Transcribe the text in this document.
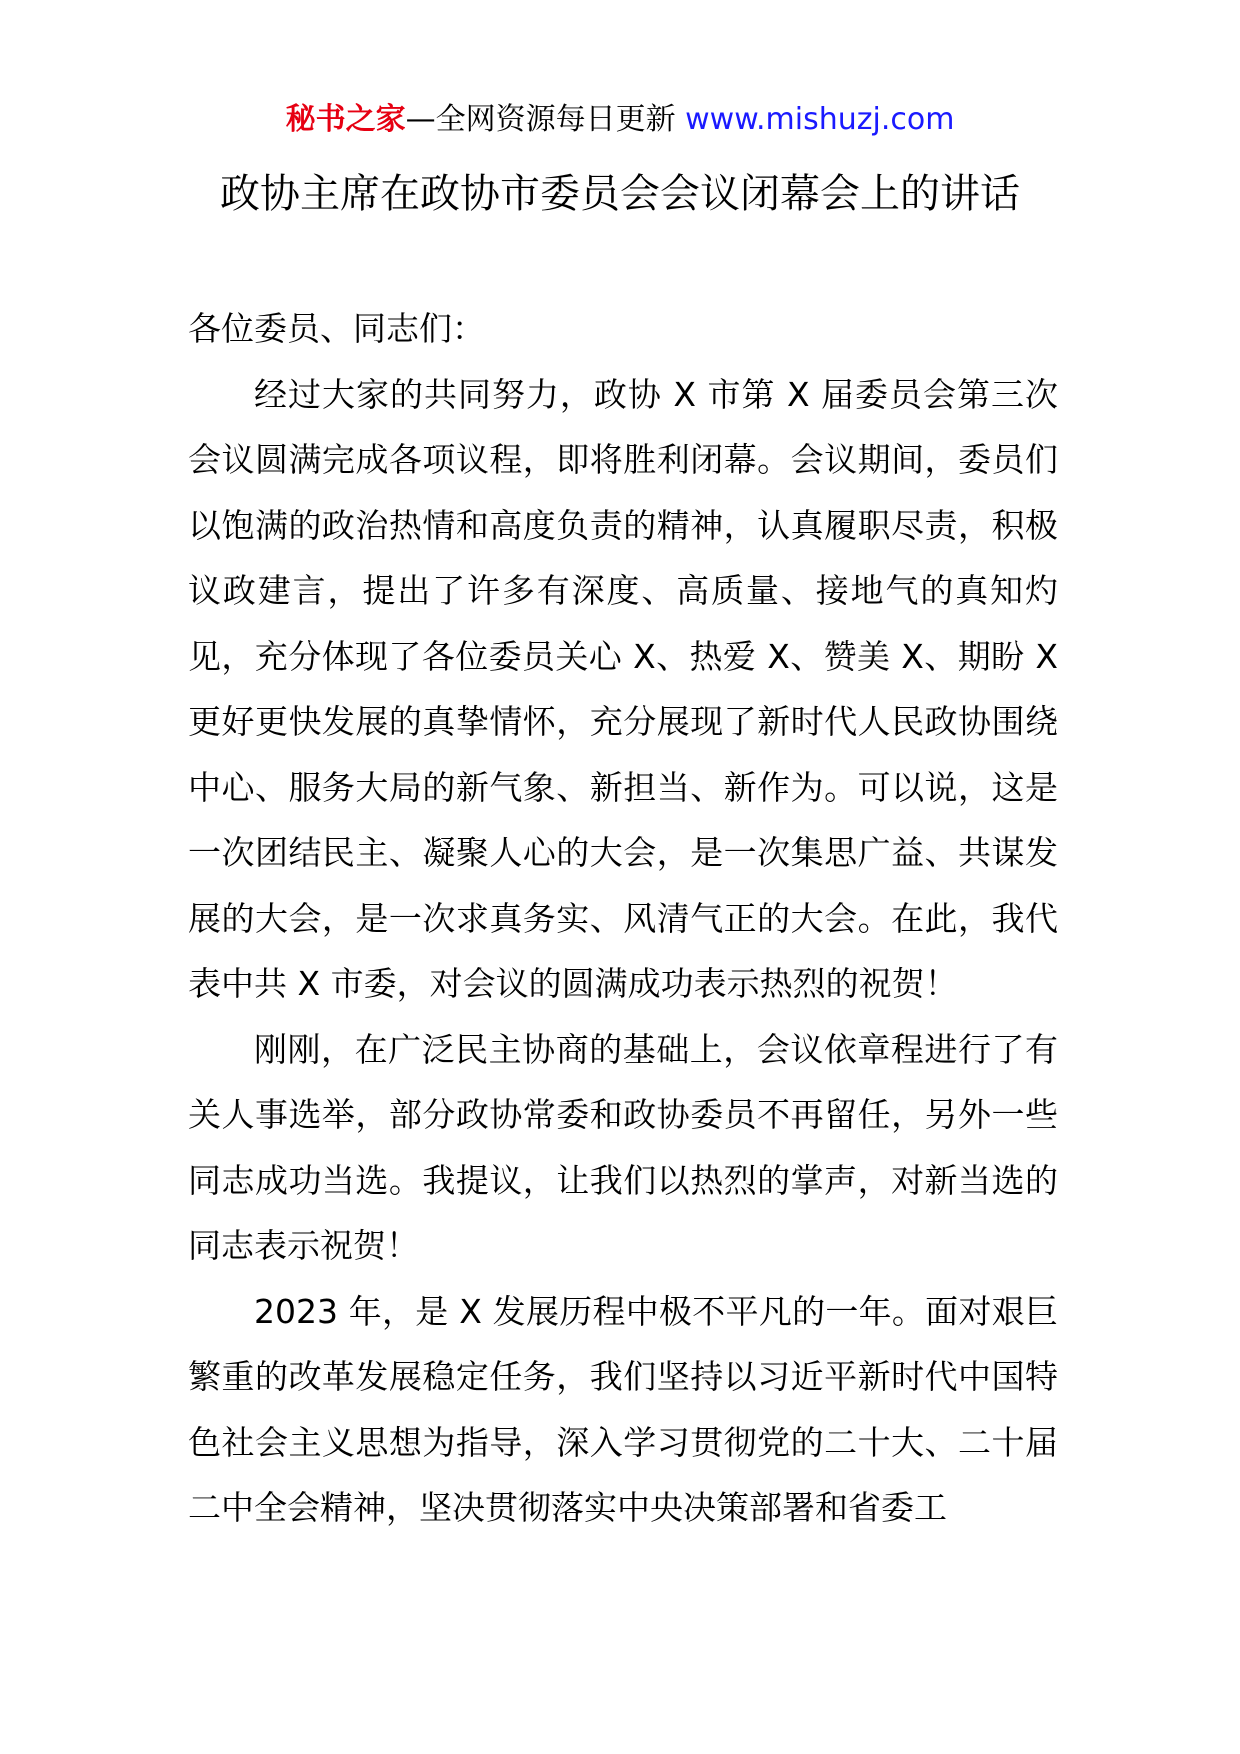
秘书之家—全网资源每日更新 www.mishuzj.com
政协主席在政协市委员会会议闭幕会上的讲话

各位委员、同志们：

经过大家的共同努力，政协 X 市第 X 届委员会第三次会议圆满完成各项议程，即将胜利闭幕。会议期间，委员们以饱满的政治热情和高度负责的精神，认真履职尽责，积极议政建言，提出了许多有深度、高质量、接地气的真知灼见，充分体现了各位委员关心 X、热爱 X、赞美 X、期盼 X 更好更快发展的真挚情怀，充分展现了新时代人民政协围绕中心、服务大局的新气象、新担当、新作为。可以说，这是一次团结民主、凝聚人心的大会，是一次集思广益、共谋发展的大会，是一次求真务实、风清气正的大会。在此，我代表中共 X 市委，对会议的圆满成功表示热烈的祝贺！

刚刚，在广泛民主协商的基础上，会议依章程进行了有关人事选举，部分政协常委和政协委员不再留任，另外一些同志成功当选。我提议，让我们以热烈的掌声，对新当选的同志表示祝贺！

2023 年，是 X 发展历程中极不平凡的一年。面对艰巨繁重的改革发展稳定任务，我们坚持以习近平新时代中国特色社会主义思想为指导，深入学习贯彻党的二十大、二十届二中全会精神，坚决贯彻落实中央决策部署和省委工
